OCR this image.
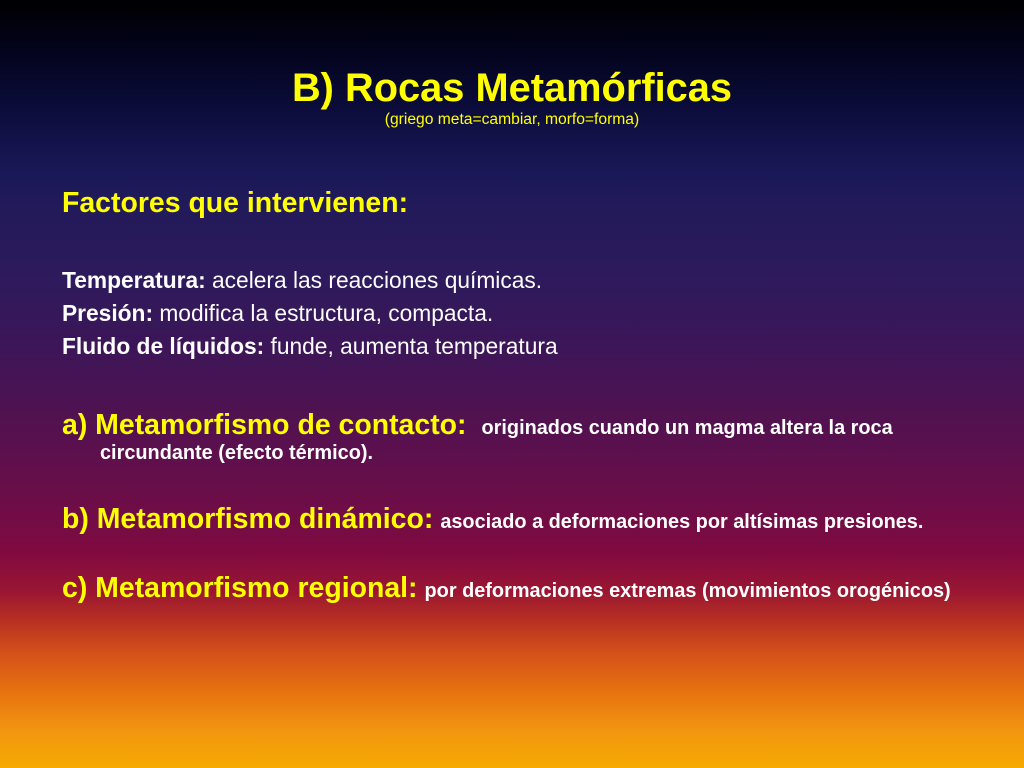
B) Rocas Metamórficas
(griego meta=cambiar, morfo=forma)
Factores que intervienen:
Temperatura: acelera las reacciones químicas.
Presión: modifica la estructura, compacta.
Fluido de líquidos: funde, aumenta temperatura
a) Metamorfismo de contacto: originados cuando un magma altera la roca
circundante (efecto térmico).
b) Metamorfismo dinámico: asociado a deformaciones por altísimas presiones.
c) Metamorfismo regional: por deformaciones extremas (movimientos orogénicos)
